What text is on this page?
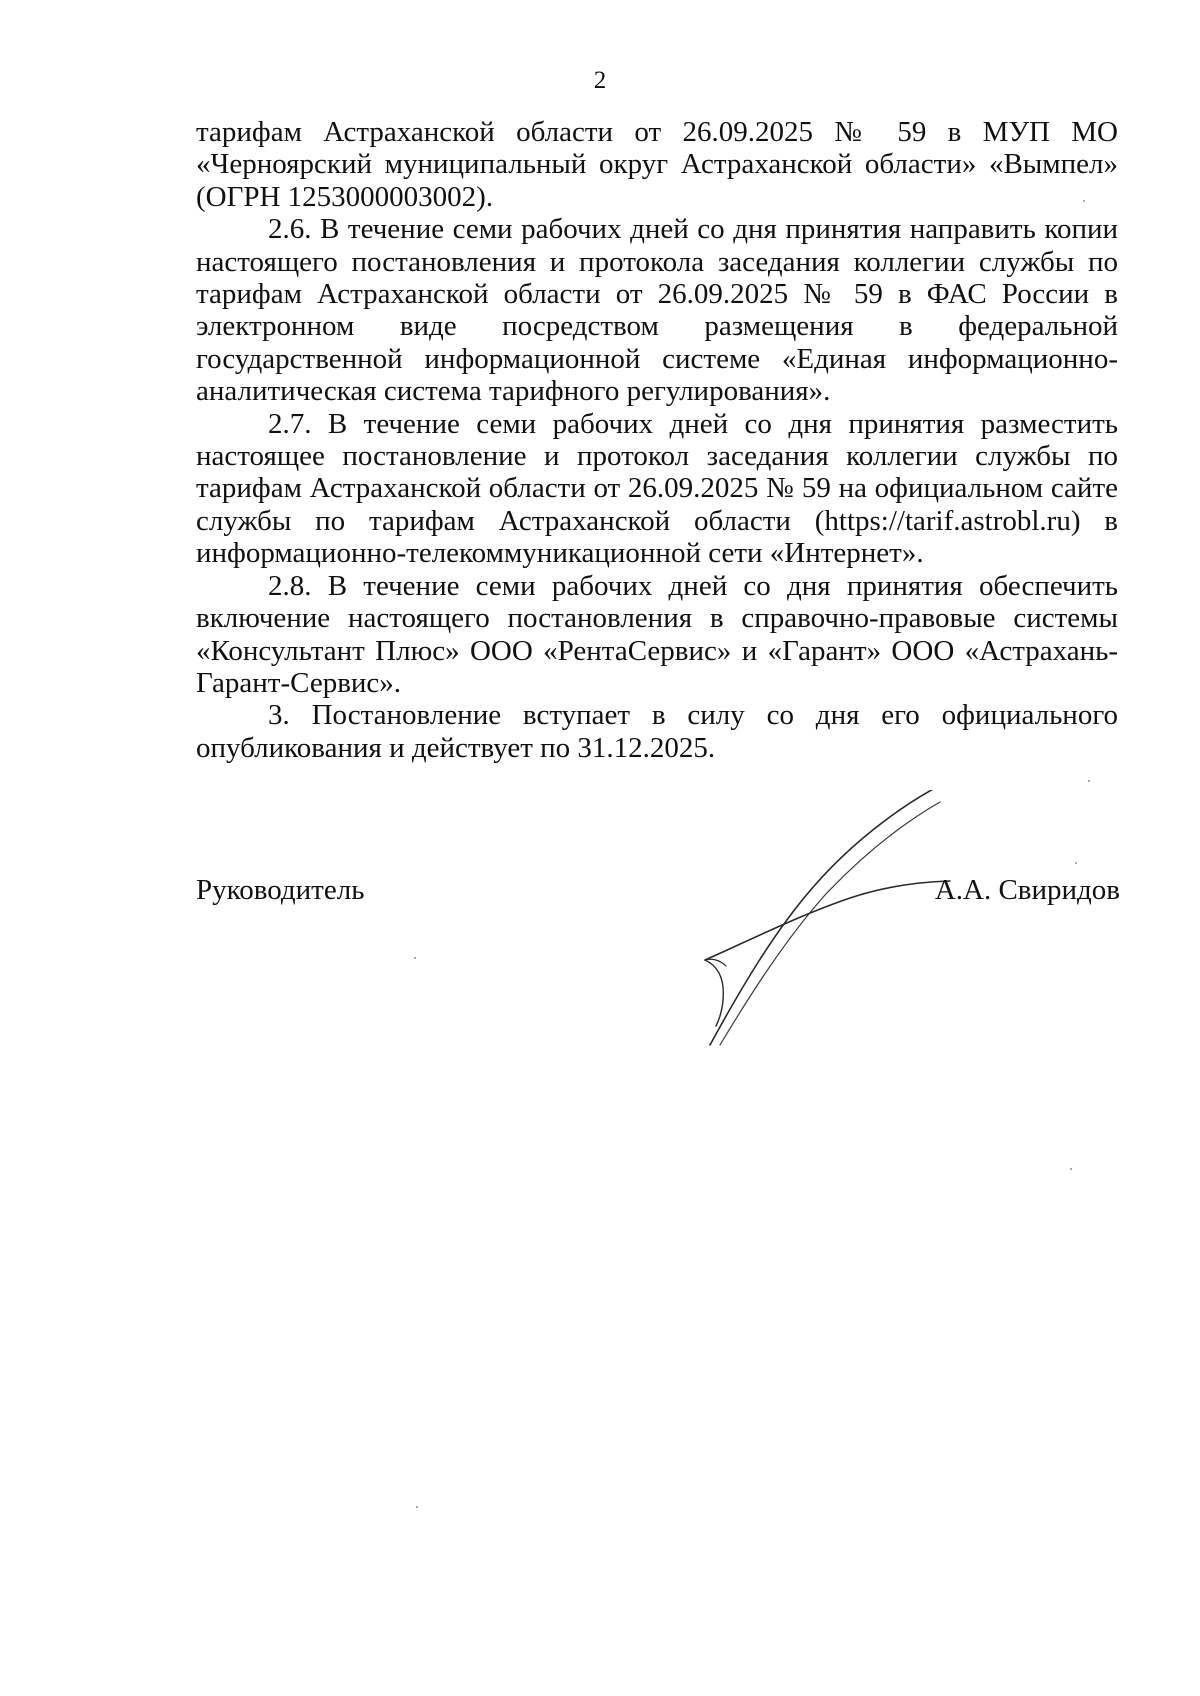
2

тарифам Астраханской области от 26.09.2025 № 59 в МУП МО «Черноярский муниципальный округ Астраханской области» «Вымпел» (ОГРН 1253000003002).

2.6. В течение семи рабочих дней со дня принятия направить копии настоящего постановления и протокола заседания коллегии службы по тарифам Астраханской области от 26.09.2025 № 59 в ФАС России в электронном виде посредством размещения в федеральной государственной информационной системе «Единая информационно-аналитическая система тарифного регулирования».

2.7. В течение семи рабочих дней со дня принятия разместить настоящее постановление и протокол заседания коллегии службы по тарифам Астраханской области от 26.09.2025 № 59 на официальном сайте службы по тарифам Астраханской области (https://tarif.astrobl.ru) в информационно-телекоммуникационной сети «Интернет».

2.8. В течение семи рабочих дней со дня принятия обеспечить включение настоящего постановления в справочно-правовые системы «Консультант Плюс» ООО «РентаСервис» и «Гарант» ООО «Астрахань-Гарант-Сервис».

3. Постановление вступает в силу со дня его официального опубликования и действует по 31.12.2025.

Руководитель	А.А. Свиридов
